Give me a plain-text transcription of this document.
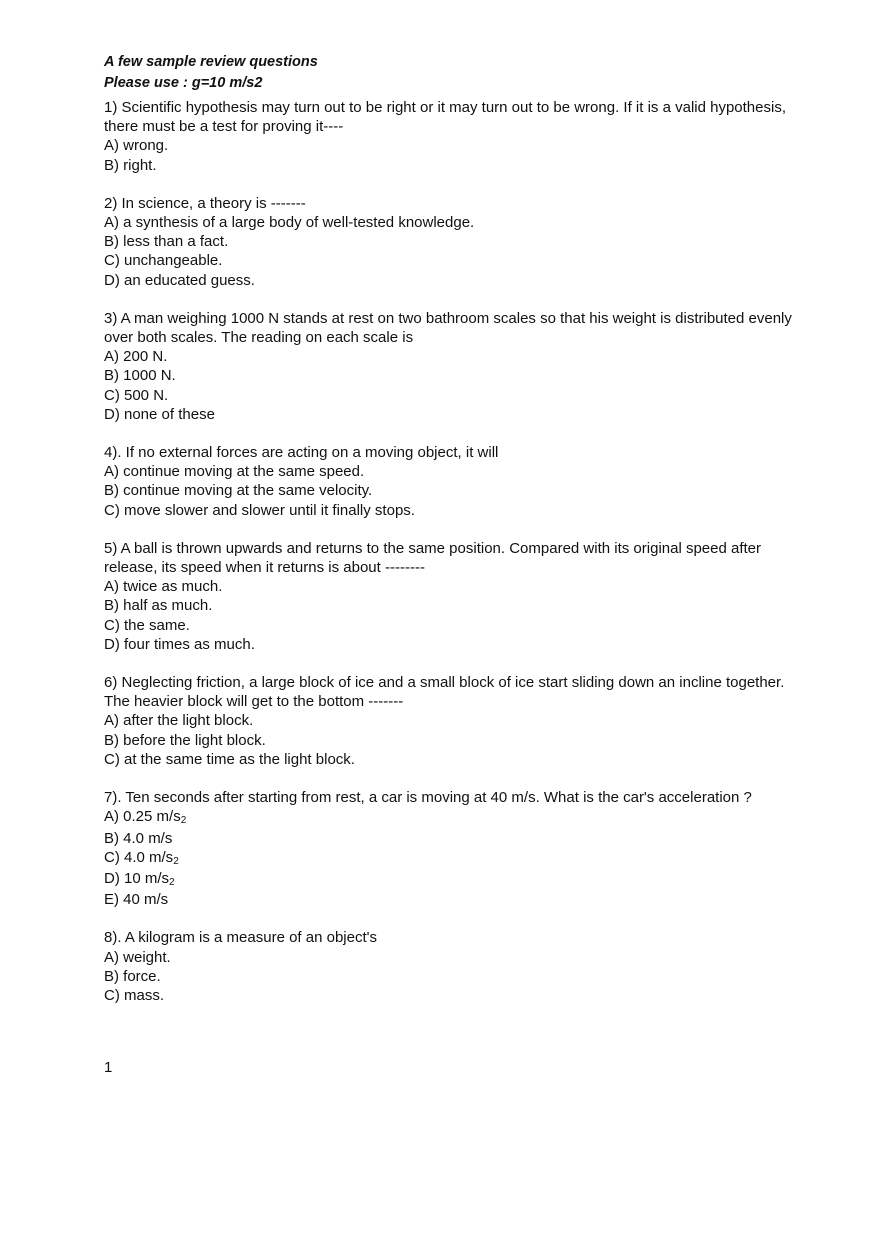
A few sample review questions
Please use : g=10 m/s2
1) Scientific hypothesis may turn out to be right or it may turn out to be wrong. If it is a valid hypothesis, there must be a test for proving it----
A) wrong.
B) right.
2) In science, a theory is -------
A) a synthesis of a large body of well-tested knowledge.
B) less than a fact.
C) unchangeable.
D) an educated guess.
3) A man weighing 1000 N stands at rest on two bathroom scales so that his weight is distributed evenly over both scales. The reading on each scale is
A) 200 N.
B) 1000 N.
C) 500 N.
D) none of these
4). If no external forces are acting on a moving object, it will
A) continue moving at the same speed.
B) continue moving at the same velocity.
C) move slower and slower until it finally stops.
5) A ball is thrown upwards and returns to the same position. Compared with its original speed after release, its speed when it returns is about --------
A) twice as much.
B) half as much.
C) the same.
D) four times as much.
6) Neglecting friction, a large block of ice and a small block of ice start sliding down an incline together. The heavier block will get to the bottom -------
A) after the light block.
B) before the light block.
C) at the same time as the light block.
7). Ten seconds after starting from rest, a car is moving at 40 m/s. What is the car's acceleration ?
A) 0.25 m/s2
B) 4.0 m/s
C) 4.0 m/s2
D) 10 m/s2
E) 40 m/s
8). A kilogram is a measure of an object's
A) weight.
B) force.
C) mass.
1
